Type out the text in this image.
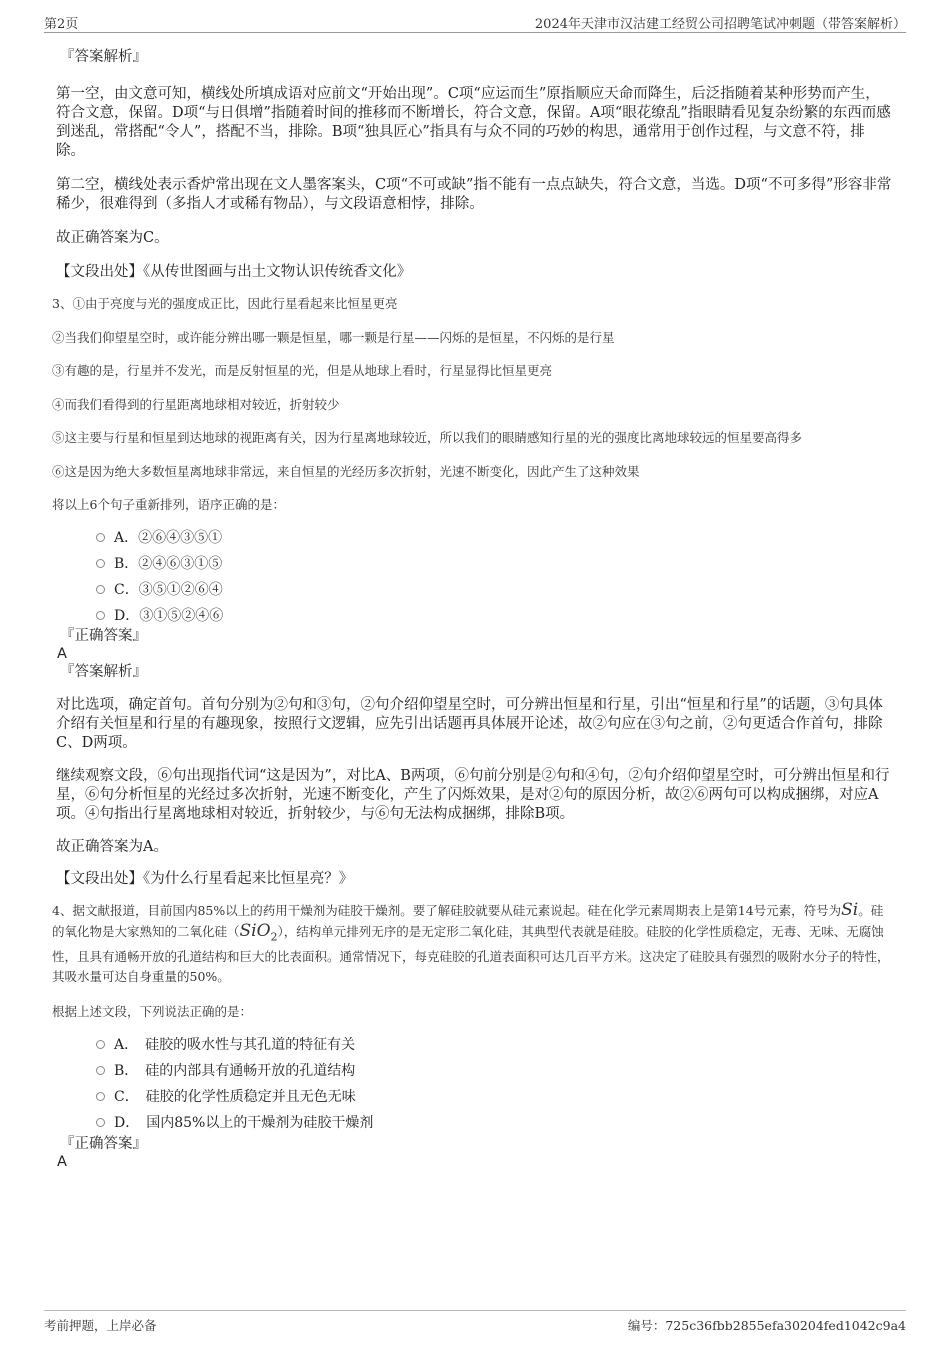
第2页	2024年天津市汉沽建工经贸公司招聘笔试冲刺题（带答案解析）
『答案解析』

第一空，由文意可知，横线处所填成语对应前文“开始出现”。C项“应运而生”原指顺应天命而降生，后泛指随着某种形势而产生，符合文意，保留。D项“与日俱增”指随着时间的推移而不断增长，符合文意，保留。A项“眼花缭乱”指眼睛看见复杂纷繁的东西而感到迷乱，常搭配“令人”，搭配不当，排除。B项“独具匠心”指具有与众不同的巧妙的构思，通常用于创作过程，与文意不符，排除。

第二空，横线处表示香炉常出现在文人墨客案头，C项“不可或缺”指不能有一点点缺失，符合文意，当选。D项“不可多得”形容非常稀少，很难得到（多指人才或稀有物品），与文段语意相悖，排除。

故正确答案为C。

【文段出处】《从传世图画与出土文物认识传统香文化》
3、①由于亮度与光的强度成正比，因此行星看起来比恒星更亮
②当我们仰望星空时，或许能分辨出哪一颗是恒星，哪一颗是行星——闪烁的是恒星，不闪烁的是行星
③有趣的是，行星并不发光，而是反射恒星的光，但是从地球上看时，行星显得比恒星更亮
④而我们看得到的行星距离地球相对较近，折射较少
⑤这主要与行星和恒星到达地球的视距离有关，因为行星离地球较近，所以我们的眼睛感知行星的光的强度比离地球较远的恒星要高得多
⑥这是因为绝大多数恒星离地球非常远，来自恒星的光经历多次折射，光速不断变化，因此产生了这种效果
将以上6个句子重新排列，语序正确的是：
A．②⑥④③⑤①
B．②④⑥③①⑤
C．③⑤①②⑥④
D．③①⑤②④⑥
『正确答案』
A
『答案解析』

对比选项，确定首句。首句分别为②句和③句，②句介绍仰望星空时，可分辨出恒星和行星，引出“恒星和行星”的话题，③句具体介绍有关恒星和行星的有趣现象，按照行文逻辑，应先引出话题再具体展开论述，故②句应在③句之前，②句更适合作首句，排除C、D两项。

继续观察文段，⑥句出现指代词“这是因为”，对比A、B两项，⑥句前分别是②句和④句，②句介绍仰望星空时，可分辨出恒星和行星，⑥句分析恒星的光经过多次折射，光速不断变化，产生了闪烁效果，是对②句的原因分析，故②⑥两句可以构成捆绑，对应A项。④句指出行星离地球相对较近，折射较少，与⑥句无法构成捆绑，排除B项。

故正确答案为A。

【文段出处】《为什么行星看起来比恒星亮？》
4、据文献报道，目前国内85%以上的药用干燥剂为硅胶干燥剂。要了解硅胶就要从硅元素说起。硅在化学元素周期表上是第14号元素，符号为Si。硅的氧化物是大家熟知的二氧化硅（SiO$_2$），结构单元排列无序的是无定形二氧化硅，其典型代表就是硅胶。硅胶的化学性质稳定，无毒、无味、无腐蚀性，且具有通畅开放的孔道结构和巨大的比表面积。通常情况下，每克硅胶的孔道表面积可达几百平方米。这决定了硅胶具有强烈的吸附水分子的特性，其吸水量可达自身重量的50%。
根据上述文段，下列说法正确的是：
A．　硅胶的吸水性与其孔道的特征有关
B．　硅的内部具有通畅开放的孔道结构
C．　硅胶的化学性质稳定并且无色无味
D．　国内85%以上的干燥剂为硅胶干燥剂
『正确答案』
A
考前押题，上岸必备	编号：725c36fbb2855efa30204fed1042c9a4
